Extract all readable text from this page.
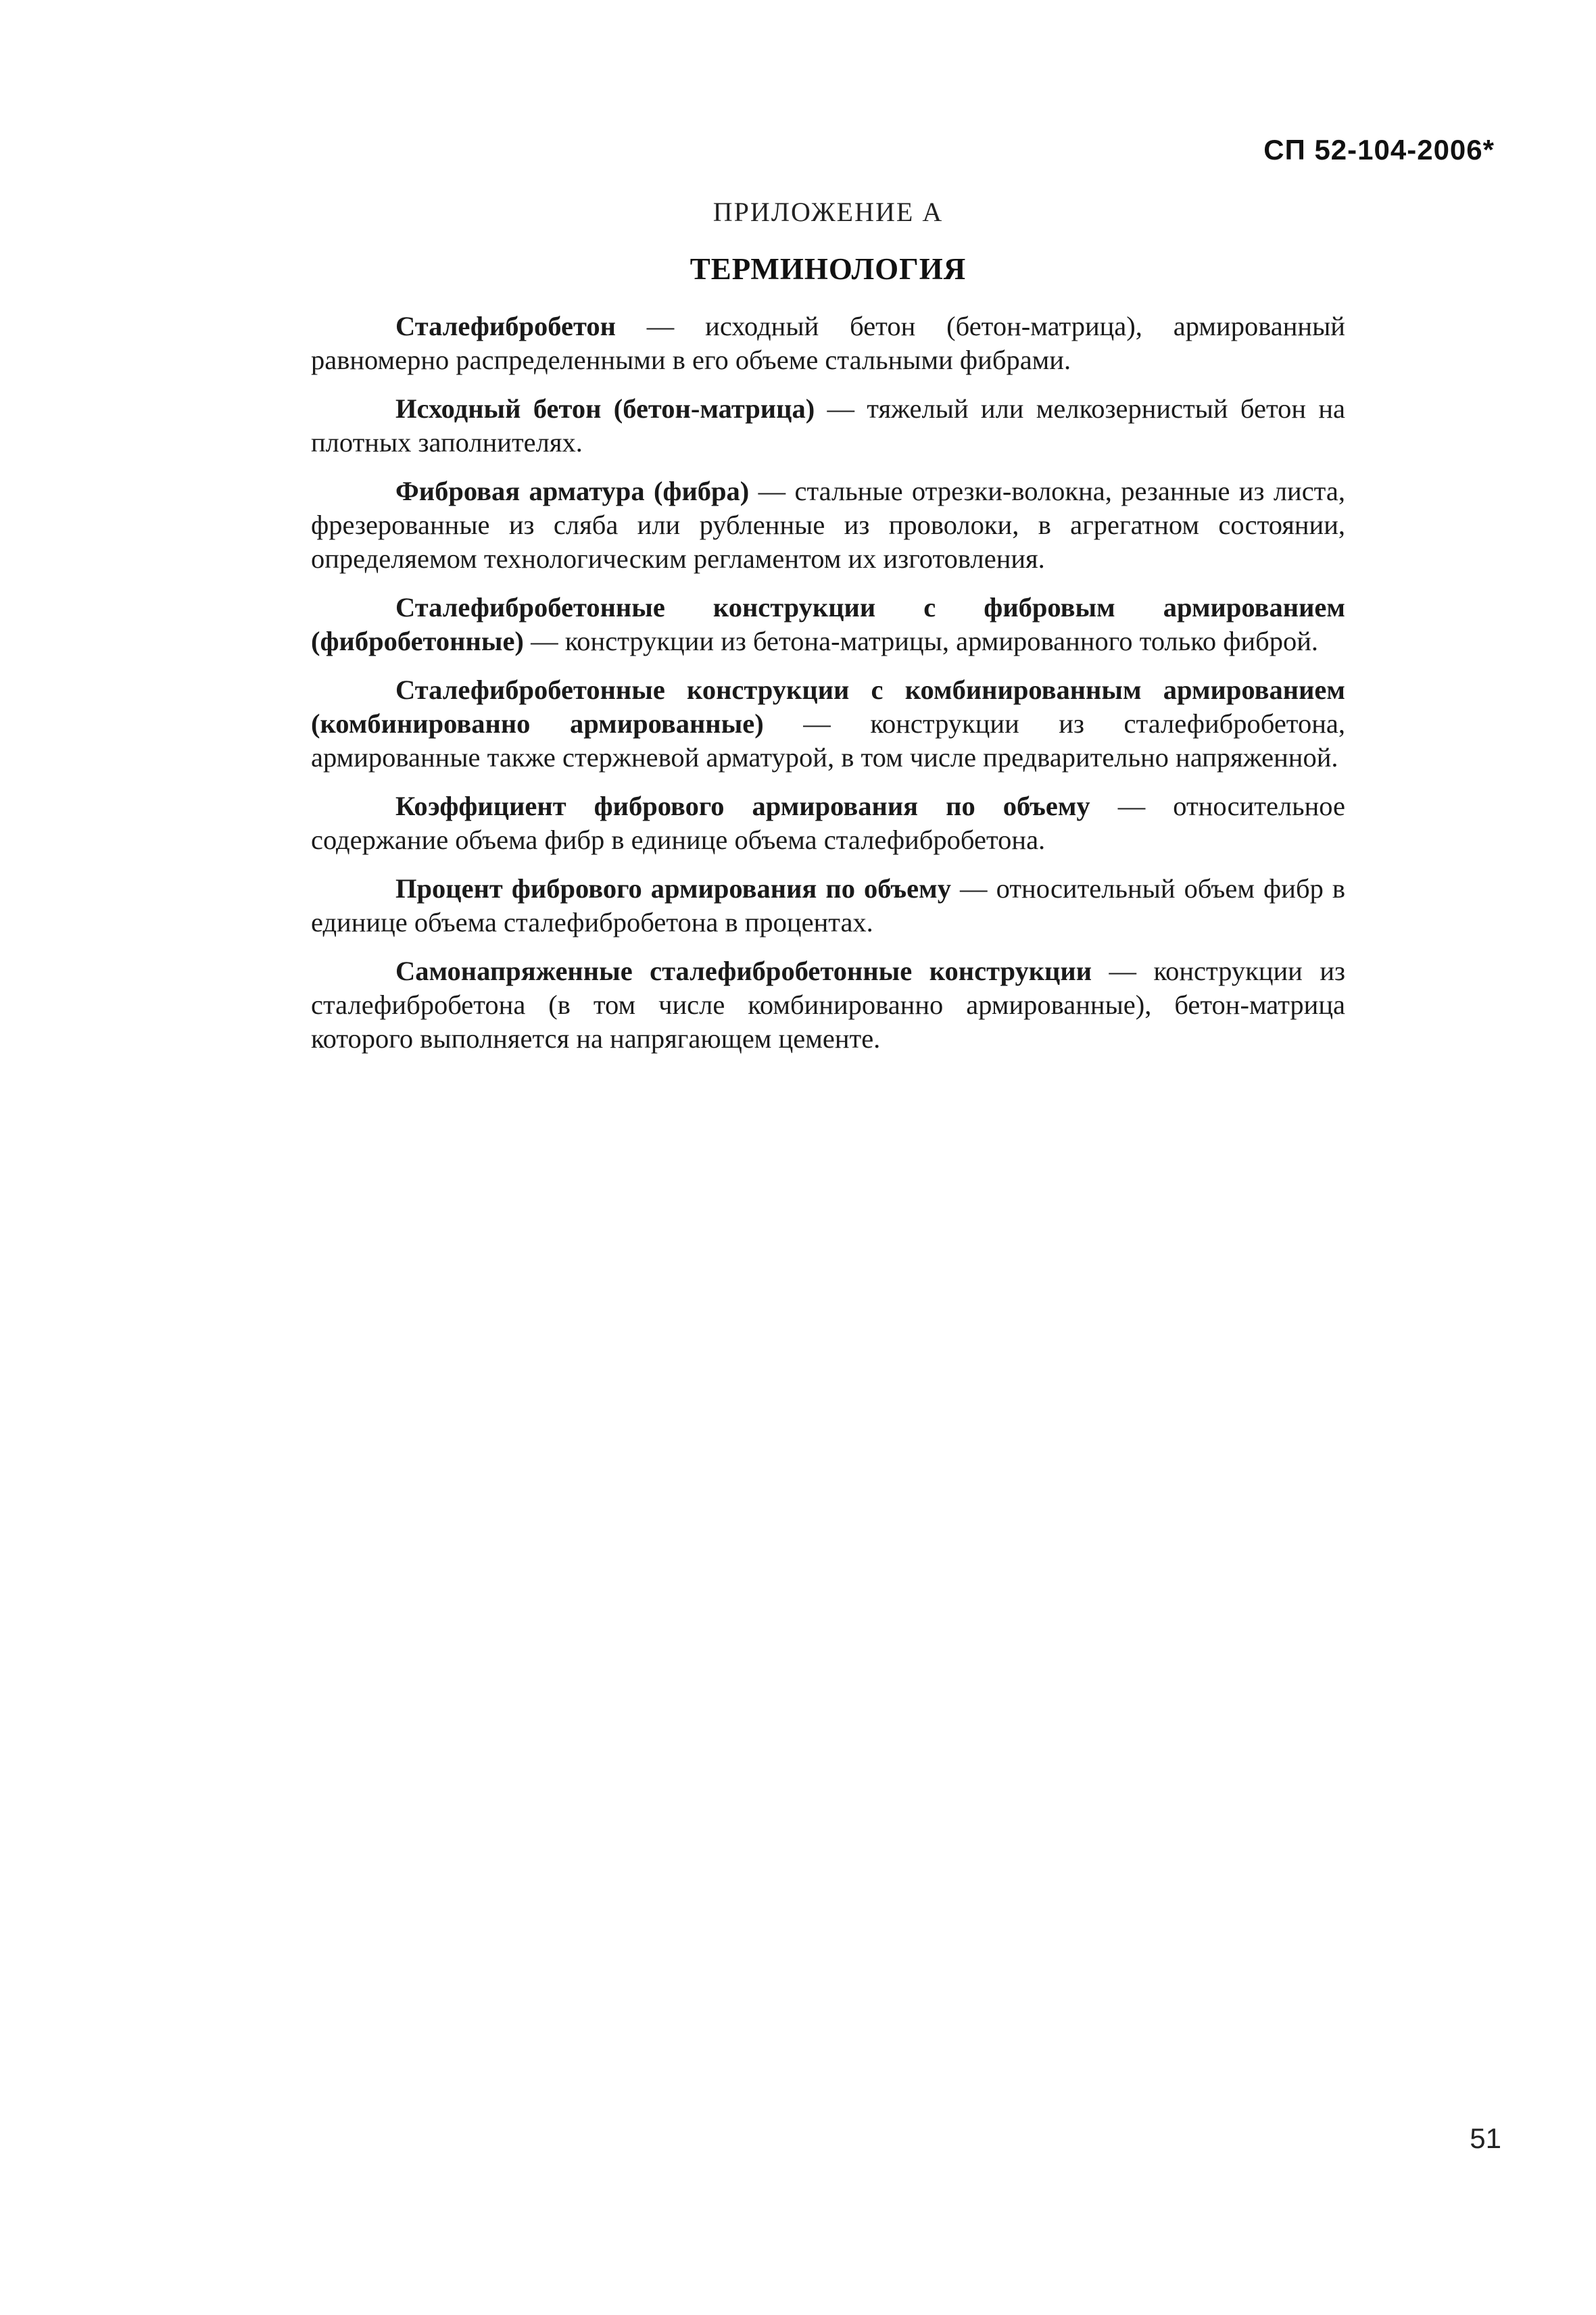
СП 52-104-2006*
ПРИЛОЖЕНИЕ А
ТЕРМИНОЛОГИЯ

Сталефибробетон — исходный бетон (бетон-матрица), армированный равномерно распределенными в его объеме стальными фибрами.

Исходный бетон (бетон-матрица) — тяжелый или мелкозернистый бетон на плотных заполнителях.

Фибровая арматура (фибра) — стальные отрезки-волокна, резанные из листа, фрезерованные из сляба или рубленные из проволоки, в агрегатном состоянии, определяемом технологическим регламентом их изготовления.

Сталефибробетонные конструкции с фибровым армированием (фибробетонные) — конструкции из бетона-матрицы, армированного только фиброй.

Сталефибробетонные конструкции с комбинированным армированием (комбинированно армированные) — конструкции из сталефибробетона, армированные также стержневой арматурой, в том числе предварительно напряженной.

Коэффициент фибрового армирования по объему — относительное содержание объема фибр в единице объема сталефибробетона.

Процент фибрового армирования по объему — относительный объем фибр в единице объема сталефибробетона в процентах.

Самонапряженные сталефибробетонные конструкции — конструкции из сталефибробетона (в том числе комбинированно армированные), бетон-матрица которого выполняется на напрягающем цементе.

51
